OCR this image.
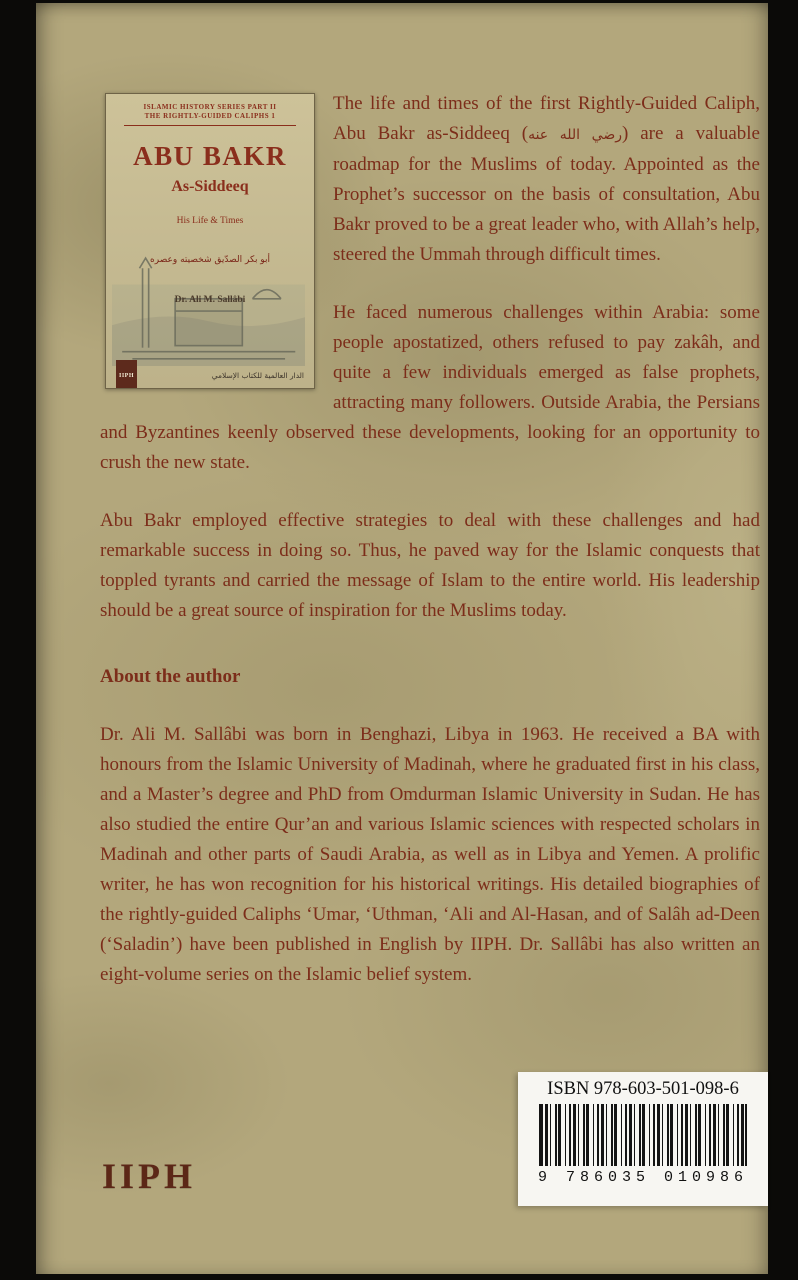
ISLAMIC HISTORY SERIES PART II
THE RIGHTLY-GUIDED CALIPHS 1
ABU BAKR
As-Siddeeq
His Life & Times
أبو بكر الصدّيق شخصيته وعصره
Dr. Ali M. Sallâbi
IIPH	الدار العالمية للكتاب الإسلامي

The life and times of the first Rightly-Guided Caliph, Abu Bakr as-Siddeeq (رضي الله عنه) are a valuable roadmap for the Muslims of today. Appointed as the Prophet’s successor on the basis of consultation, Abu Bakr proved to be a great leader who, with Allah’s help, steered the Ummah through difficult times.

He faced numerous challenges within Arabia: some people apostatized, others refused to pay zakâh, and quite a few individuals emerged as false prophets, attracting many followers. Outside Arabia, the Persians and Byzantines keenly observed these developments, looking for an opportunity to crush the new state.

Abu Bakr employed effective strategies to deal with these challenges and had remarkable success in doing so. Thus, he paved way for the Islamic conquests that toppled tyrants and carried the message of Islam to the entire world. His leadership should be a great source of inspiration for the Muslims today.

About the author

Dr. Ali M. Sallâbi was born in Benghazi, Libya in 1963. He received a BA with honours from the Islamic University of Madinah, where he graduated first in his class, and a Master’s degree and PhD from Omdurman Islamic University in Sudan. He has also studied the entire Qur’an and various Islamic sciences with respected scholars in Madinah and other parts of Saudi Arabia, as well as in Libya and Yemen. A prolific writer, he has won recognition for his historical writings. His detailed biographies of the rightly-guided Caliphs ‘Umar, ‘Uthman, ‘Ali and Al-Hasan, and of Salâh ad-Deen (‘Saladin’) have been published in English by IIPH. Dr. Sallâbi has also written an eight-volume series on the Islamic belief system.

ISBN 978-603-501-098-6
9 786035 010986
IIPH
